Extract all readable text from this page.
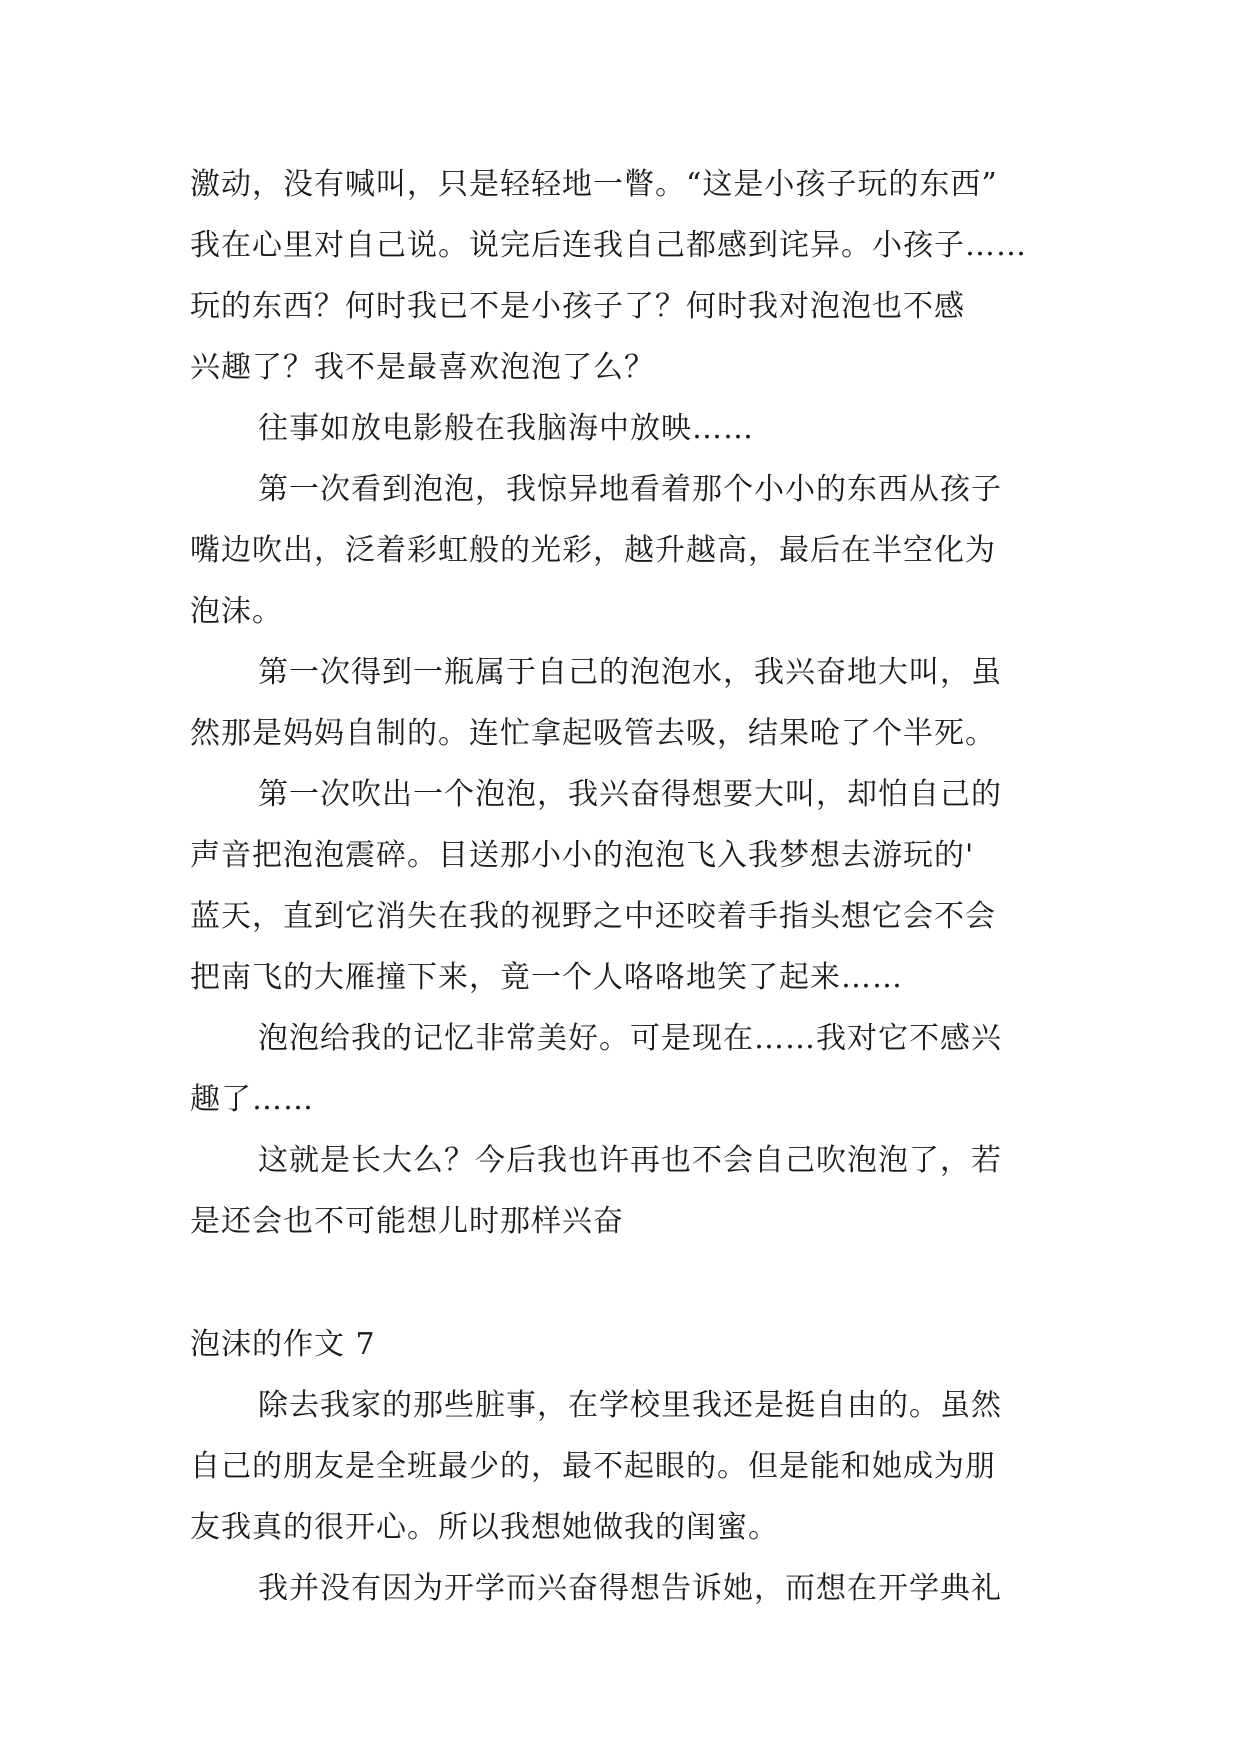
激动，没有喊叫，只是轻轻地一瞥。“这是小孩子玩的东西”
我在心里对自己说。说完后连我自己都感到诧异。小孩子……
玩的东西？何时我已不是小孩子了？何时我对泡泡也不感
兴趣了？我不是最喜欢泡泡了么？
往事如放电影般在我脑海中放映……
第一次看到泡泡，我惊异地看着那个小小的东西从孩子
嘴边吹出，泛着彩虹般的光彩，越升越高，最后在半空化为
泡沫。
第一次得到一瓶属于自己的泡泡水，我兴奋地大叫，虽
然那是妈妈自制的。连忙拿起吸管去吸，结果呛了个半死。
第一次吹出一个泡泡，我兴奋得想要大叫，却怕自己的
声音把泡泡震碎。目送那小小的泡泡飞入我梦想去游玩的'
蓝天，直到它消失在我的视野之中还咬着手指头想它会不会
把南飞的大雁撞下来，竟一个人咯咯地笑了起来……
泡泡给我的记忆非常美好。可是现在……我对它不感兴
趣了……
这就是长大么？今后我也许再也不会自己吹泡泡了，若
是还会也不可能想儿时那样兴奋
泡沫的作文 7
除去我家的那些脏事，在学校里我还是挺自由的。虽然
自己的朋友是全班最少的，最不起眼的。但是能和她成为朋
友我真的很开心。所以我想她做我的闺蜜。
我并没有因为开学而兴奋得想告诉她，而想在开学典礼
